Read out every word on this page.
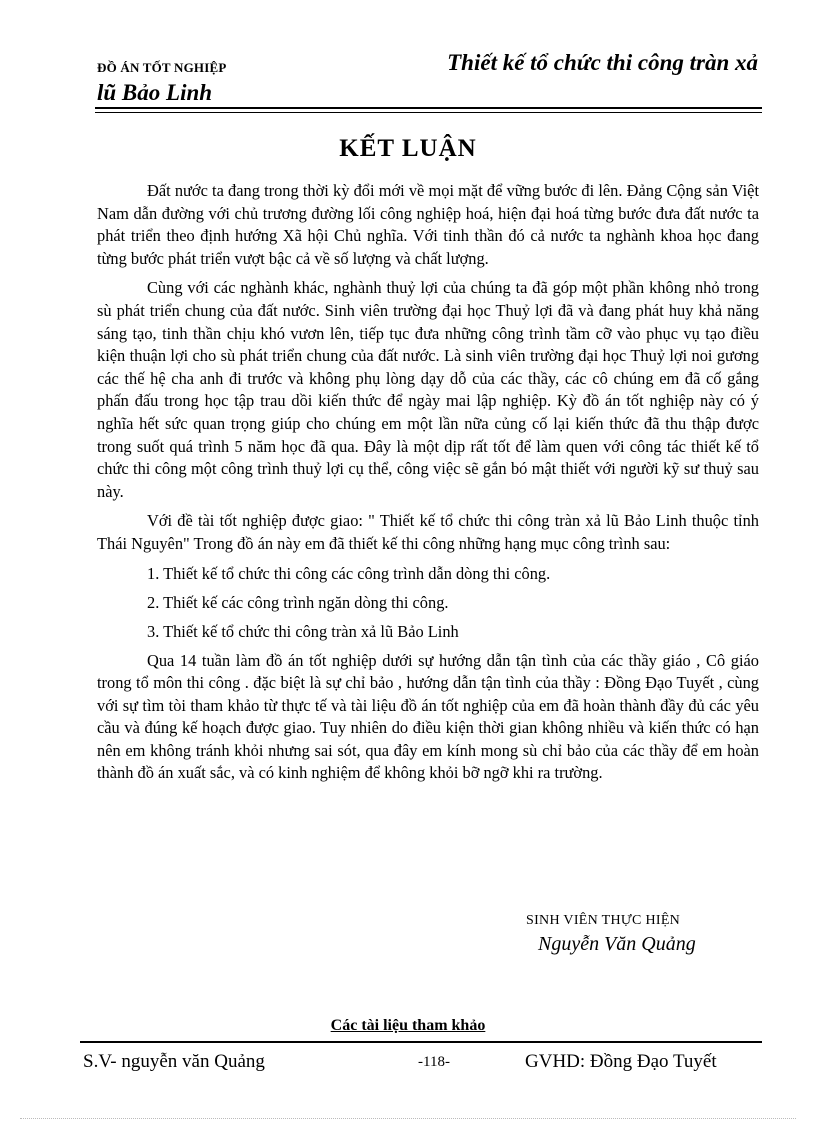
ĐỒ ÁN TỐT NGHIỆP	Thiết kế tổ chức thi công tràn xả
lũ Bảo Linh
KẾT LUẬN

Đất nước ta đang trong thời kỳ đổi mới về mọi mặt để vững bước đi lên. Đảng Cộng sản Việt Nam dẫn đường với chủ trương đường lối công nghiệp hoá, hiện đại hoá từng bước đưa đất nước ta phát triển theo định hướng Xã hội Chủ nghĩa. Với tinh thần đó cả nước ta nghành khoa học đang từng bước phát triển vượt bậc cả về số lượng và chất lượng.

Cùng với các nghành khác, nghành thuỷ lợi của chúng ta đã góp một phần không nhỏ trong sù phát triển chung của đất nước. Sinh viên trường đại học Thuỷ lợi đã và đang phát huy khả năng sáng tạo, tinh thần chịu khó vươn lên, tiếp tục đưa những công trình tầm cỡ vào phục vụ tạo điều kiện thuận lợi cho sù phát triển chung của đất nước. Là sinh viên trường đại học Thuỷ lợi noi gương các thế hệ cha anh đi trước và không phụ lòng dạy dỗ của các thầy, các cô chúng em đã cố gắng phấn đấu trong học tập trau dồi kiến thức để ngày mai lập nghiệp. Kỳ đồ án tốt nghiệp này có ý nghĩa hết sức quan trọng giúp cho chúng em một lần nữa củng cố lại kiến thức đã thu thập được trong suốt quá trình 5 năm học đã qua. Đây là một dịp rất tốt để làm quen với công tác thiết kế tổ chức thi công một công trình thuỷ lợi cụ thể, công việc sẽ gắn bó mật thiết với người kỹ sư thuỷ sau này.

Với đề tài tốt nghiệp được giao: " Thiết kế tổ chức thi công tràn xả lũ Bảo Linh thuộc tỉnh Thái Nguyên" Trong đồ án này em đã thiết kế thi công những hạng mục công trình sau:

1. Thiết kế tổ chức thi công các công trình dẫn dòng thi công.
2. Thiết kế các công trình ngăn dòng thi công.
3. Thiết kế tổ chức thi công tràn xả lũ Bảo Linh

Qua 14 tuần làm đồ án tốt nghiệp dưới sự hướng dẫn tận tình của các thầy giáo , Cô giáo trong tổ môn thi công . đặc biệt là sự chỉ bảo , hướng dẫn tận tình của thầy : Đồng Đạo Tuyết , cùng với sự tìm tòi tham khảo từ thực tế và tài liệu đồ án tốt nghiệp của em đã hoàn thành đầy đủ các yêu cầu và đúng kế hoạch được giao. Tuy nhiên do điều kiện thời gian không nhiều và kiến thức có hạn nên em không tránh khỏi nhưng sai sót, qua đây em kính mong sù chỉ bảo của các thầy để em hoàn thành đồ án xuất sắc, và có kinh nghiệm để không khỏi bỡ ngỡ khi ra trường.

SINH VIÊN THỰC HIỆN
Nguyễn Văn Quảng
Các tài liệu tham khảo
S.V- nguyễn văn Quảng	-118-	GVHD: Đồng Đạo Tuyết
